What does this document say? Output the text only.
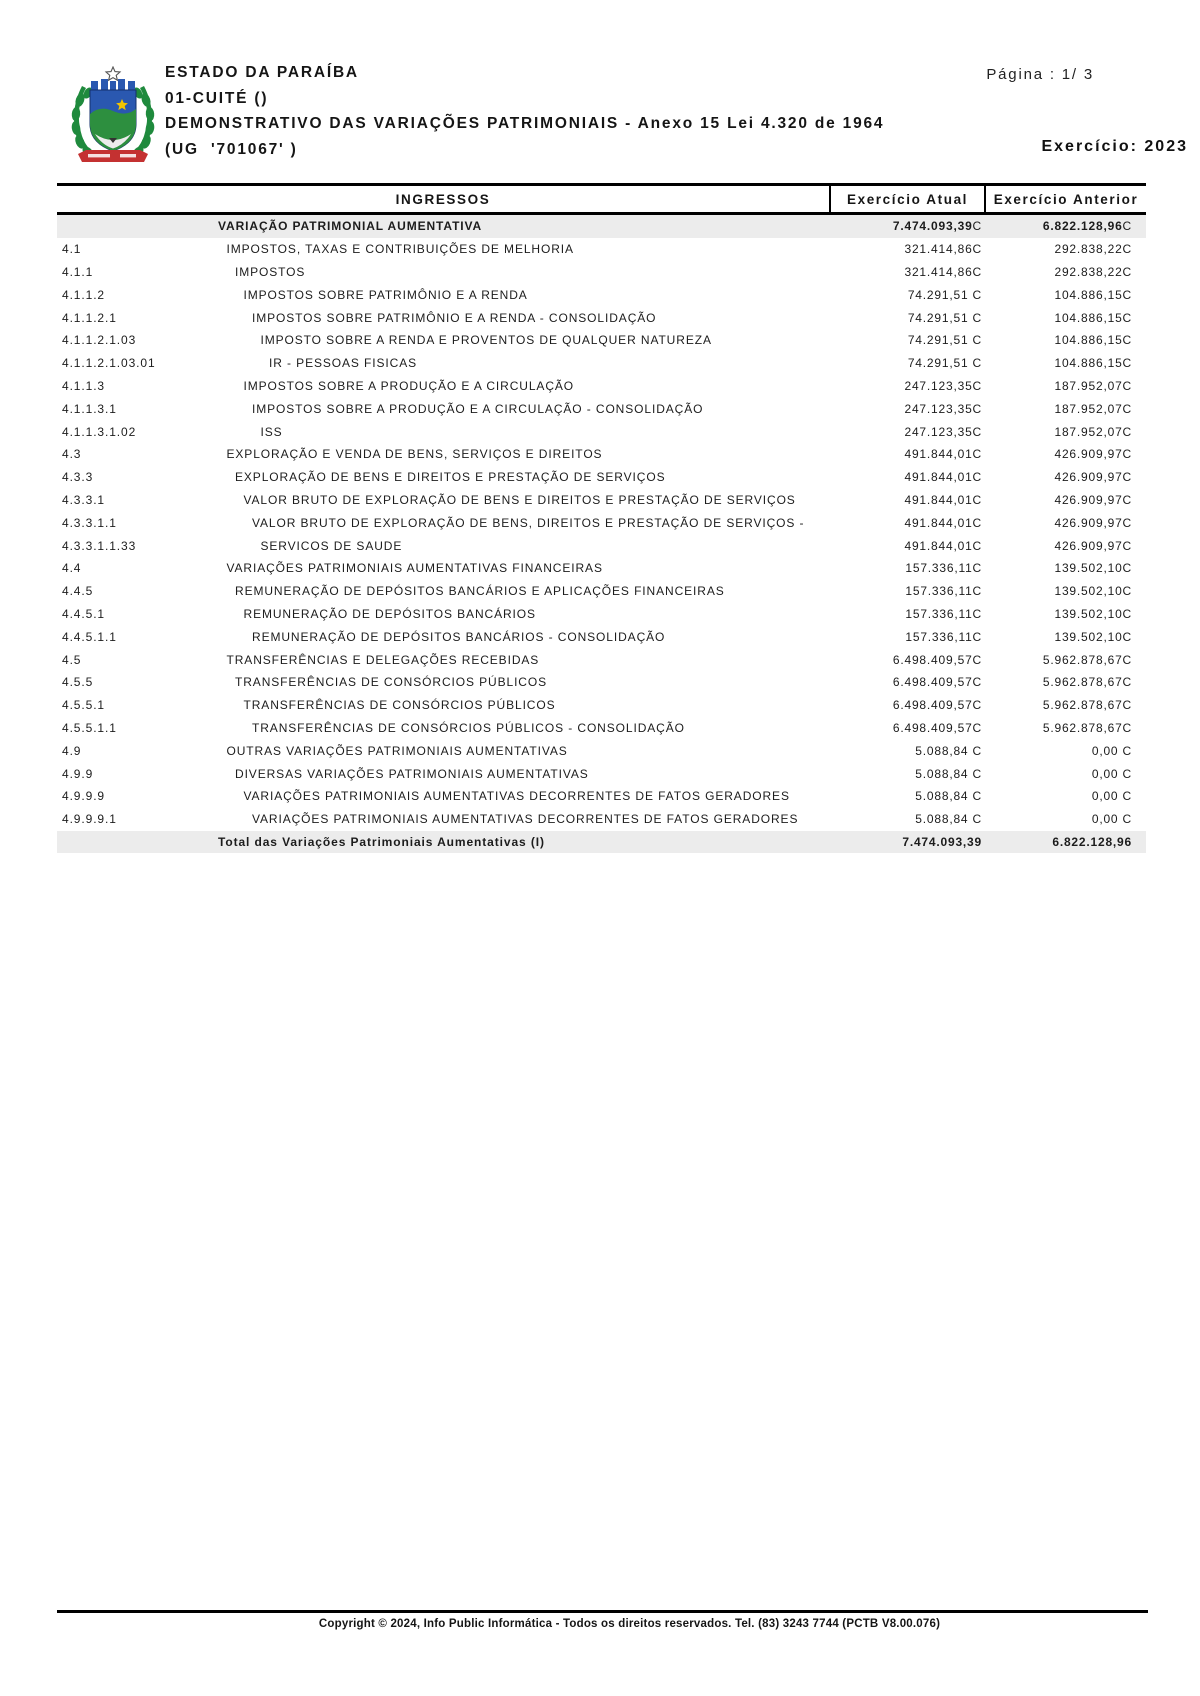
ESTADO DA PARAÍBA
01-CUITÉ ()
DEMONSTRATIVO DAS VARIAÇÕES PATRIMONIAIS - Anexo 15 Lei 4.320 de 1964
(UG  '701067' )
Página : 1/ 3
Exercício: 2023
INGRESSOS		Exercício Atual	Exercício Anterior
	VARIAÇÃO PATRIMONIAL AUMENTATIVA	7.474.093,39C	6.822.128,96C
4.1	IMPOSTOS, TAXAS E CONTRIBUIÇÕES DE MELHORIA	321.414,86C	292.838,22C
4.1.1	IMPOSTOS	321.414,86C	292.838,22C
4.1.1.2	IMPOSTOS SOBRE PATRIMÔNIO E A RENDA	74.291,51 C	104.886,15C
4.1.1.2.1	IMPOSTOS SOBRE PATRIMÔNIO E A RENDA - CONSOLIDAÇÃO	74.291,51 C	104.886,15C
4.1.1.2.1.03	IMPOSTO SOBRE A RENDA E PROVENTOS DE QUALQUER NATUREZA	74.291,51 C	104.886,15C
4.1.1.2.1.03.01	IR - PESSOAS FISICAS	74.291,51 C	104.886,15C
4.1.1.3	IMPOSTOS SOBRE A PRODUÇÃO E A CIRCULAÇÃO	247.123,35C	187.952,07C
4.1.1.3.1	IMPOSTOS SOBRE A PRODUÇÃO E A CIRCULAÇÃO - CONSOLIDAÇÃO	247.123,35C	187.952,07C
4.1.1.3.1.02	ISS	247.123,35C	187.952,07C
4.3	EXPLORAÇÃO E VENDA DE BENS, SERVIÇOS E DIREITOS	491.844,01C	426.909,97C
4.3.3	EXPLORAÇÃO DE BENS E DIREITOS E PRESTAÇÃO DE SERVIÇOS	491.844,01C	426.909,97C
4.3.3.1	VALOR BRUTO DE EXPLORAÇÃO DE BENS E DIREITOS E PRESTAÇÃO DE SERVIÇOS	491.844,01C	426.909,97C
4.3.3.1.1	VALOR BRUTO DE EXPLORAÇÃO DE BENS, DIREITOS E PRESTAÇÃO DE SERVIÇOS -	491.844,01C	426.909,97C
4.3.3.1.1.33	SERVICOS DE SAUDE	491.844,01C	426.909,97C
4.4	VARIAÇÕES PATRIMONIAIS AUMENTATIVAS FINANCEIRAS	157.336,11C	139.502,10C
4.4.5	REMUNERAÇÃO DE DEPÓSITOS BANCÁRIOS E APLICAÇÕES FINANCEIRAS	157.336,11C	139.502,10C
4.4.5.1	REMUNERAÇÃO DE DEPÓSITOS BANCÁRIOS	157.336,11C	139.502,10C
4.4.5.1.1	REMUNERAÇÃO DE DEPÓSITOS BANCÁRIOS - CONSOLIDAÇÃO	157.336,11C	139.502,10C
4.5	TRANSFERÊNCIAS E DELEGAÇÕES RECEBIDAS	6.498.409,57C	5.962.878,67C
4.5.5	TRANSFERÊNCIAS DE CONSÓRCIOS PÚBLICOS	6.498.409,57C	5.962.878,67C
4.5.5.1	TRANSFERÊNCIAS DE CONSÓRCIOS PÚBLICOS	6.498.409,57C	5.962.878,67C
4.5.5.1.1	TRANSFERÊNCIAS DE CONSÓRCIOS PÚBLICOS - CONSOLIDAÇÃO	6.498.409,57C	5.962.878,67C
4.9	OUTRAS VARIAÇÕES PATRIMONIAIS AUMENTATIVAS	5.088,84 C	0,00 C
4.9.9	DIVERSAS VARIAÇÕES PATRIMONIAIS AUMENTATIVAS	5.088,84 C	0,00 C
4.9.9.9	VARIAÇÕES PATRIMONIAIS AUMENTATIVAS DECORRENTES DE FATOS GERADORES	5.088,84 C	0,00 C
4.9.9.9.1	VARIAÇÕES PATRIMONIAIS AUMENTATIVAS DECORRENTES DE FATOS GERADORES	5.088,84 C	0,00 C
	Total das Variações Patrimoniais Aumentativas (I)	7.474.093,39	6.822.128,96
Copyright © 2024, Info Public Informática - Todos os direitos reservados. Tel. (83) 3243 7744 (PCTB V8.00.076)
